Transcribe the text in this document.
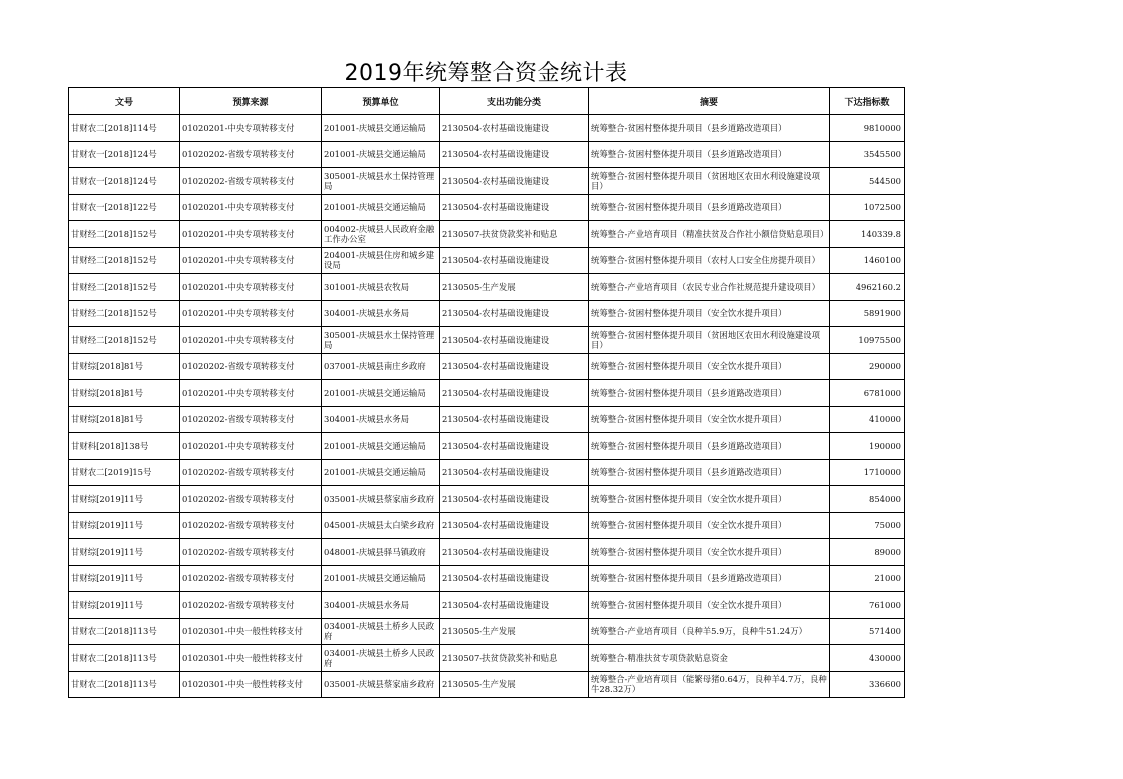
2019年统筹整合资金统计表
文号	预算来源	预算单位	支出功能分类	摘要	下达指标数
甘财农二[2018]114号	01020201-中央专项转移支付	201001-庆城县交通运输局	2130504-农村基础设施建设	统筹整合-贫困村整体提升项目（县乡道路改造项目）	9810000
甘财农一[2018]124号	01020202-省级专项转移支付	201001-庆城县交通运输局	2130504-农村基础设施建设	统筹整合-贫困村整体提升项目（县乡道路改造项目）	3545500
甘财农一[2018]124号	01020202-省级专项转移支付	305001-庆城县水土保持管理局	2130504-农村基础设施建设	统筹整合-贫困村整体提升项目（贫困地区农田水利设施建设项目）	544500
甘财农一[2018]122号	01020201-中央专项转移支付	201001-庆城县交通运输局	2130504-农村基础设施建设	统筹整合-贫困村整体提升项目（县乡道路改造项目）	1072500
甘财经二[2018]152号	01020201-中央专项转移支付	004002-庆城县人民政府金融工作办公室	2130507-扶贫贷款奖补和贴息	统筹整合-产业培育项目（精准扶贫及合作社小额信贷贴息项目）	140339.8
甘财经二[2018]152号	01020201-中央专项转移支付	204001-庆城县住房和城乡建设局	2130504-农村基础设施建设	统筹整合-贫困村整体提升项目（农村人口安全住房提升项目）	1460100
甘财经二[2018]152号	01020201-中央专项转移支付	301001-庆城县农牧局	2130505-生产发展	统筹整合-产业培育项目（农民专业合作社规范提升建设项目）	4962160.2
甘财经二[2018]152号	01020201-中央专项转移支付	304001-庆城县水务局	2130504-农村基础设施建设	统筹整合-贫困村整体提升项目（安全饮水提升项目）	5891900
甘财经二[2018]152号	01020201-中央专项转移支付	305001-庆城县水土保持管理局	2130504-农村基础设施建设	统筹整合-贫困村整体提升项目（贫困地区农田水利设施建设项目）	10975500
甘财综[2018]81号	01020202-省级专项转移支付	037001-庆城县南庄乡政府	2130504-农村基础设施建设	统筹整合-贫困村整体提升项目（安全饮水提升项目）	290000
甘财综[2018]81号	01020201-中央专项转移支付	201001-庆城县交通运输局	2130504-农村基础设施建设	统筹整合-贫困村整体提升项目（县乡道路改造项目）	6781000
甘财综[2018]81号	01020202-省级专项转移支付	304001-庆城县水务局	2130504-农村基础设施建设	统筹整合-贫困村整体提升项目（安全饮水提升项目）	410000
甘财科[2018]138号	01020201-中央专项转移支付	201001-庆城县交通运输局	2130504-农村基础设施建设	统筹整合-贫困村整体提升项目（县乡道路改造项目）	190000
甘财农二[2019]15号	01020202-省级专项转移支付	201001-庆城县交通运输局	2130504-农村基础设施建设	统筹整合-贫困村整体提升项目（县乡道路改造项目）	1710000
甘财综[2019]11号	01020202-省级专项转移支付	035001-庆城县蔡家庙乡政府	2130504-农村基础设施建设	统筹整合-贫困村整体提升项目（安全饮水提升项目）	854000
甘财综[2019]11号	01020202-省级专项转移支付	045001-庆城县太白梁乡政府	2130504-农村基础设施建设	统筹整合-贫困村整体提升项目（安全饮水提升项目）	75000
甘财综[2019]11号	01020202-省级专项转移支付	048001-庆城县驿马镇政府	2130504-农村基础设施建设	统筹整合-贫困村整体提升项目（安全饮水提升项目）	89000
甘财综[2019]11号	01020202-省级专项转移支付	201001-庆城县交通运输局	2130504-农村基础设施建设	统筹整合-贫困村整体提升项目（县乡道路改造项目）	21000
甘财综[2019]11号	01020202-省级专项转移支付	304001-庆城县水务局	2130504-农村基础设施建设	统筹整合-贫困村整体提升项目（安全饮水提升项目）	761000
甘财农二[2018]113号	01020301-中央一般性转移支付	034001-庆城县土桥乡人民政府	2130505-生产发展	统筹整合-产业培育项目（良种羊5.9万，良种牛51.24万）	571400
甘财农二[2018]113号	01020301-中央一般性转移支付	034001-庆城县土桥乡人民政府	2130507-扶贫贷款奖补和贴息	统筹整合-精准扶贫专项贷款贴息资金	430000
甘财农二[2018]113号	01020301-中央一般性转移支付	035001-庆城县蔡家庙乡政府	2130505-生产发展	统筹整合-产业培育项目（能繁母猪0.64万，良种羊4.7万，良种牛28.32万）	336600
